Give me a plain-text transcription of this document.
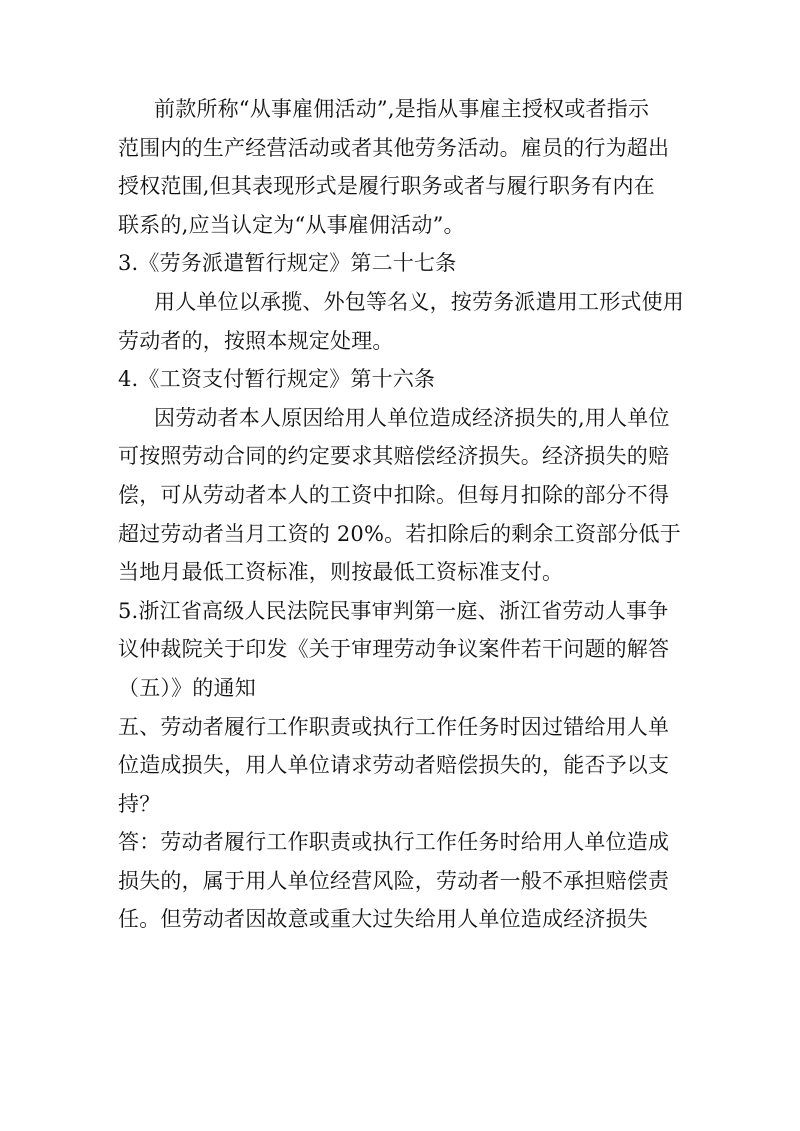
前款所称“从事雇佣活动”,是指从事雇主授权或者指示
范围内的生产经营活动或者其他劳务活动。雇员的行为超出
授权范围,但其表现形式是履行职务或者与履行职务有内在
联系的,应当认定为“从事雇佣活动”。
3.《劳务派遣暂行规定》第二十七条
用人单位以承揽、外包等名义，按劳务派遣用工形式使用
劳动者的，按照本规定处理。
4.《工资支付暂行规定》第十六条
因劳动者本人原因给用人单位造成经济损失的,用人单位
可按照劳动合同的约定要求其赔偿经济损失。经济损失的赔
偿，可从劳动者本人的工资中扣除。但每月扣除的部分不得
超过劳动者当月工资的 20%。若扣除后的剩余工资部分低于
当地月最低工资标准，则按最低工资标准支付。
5.浙江省高级人民法院民事审判第一庭、浙江省劳动人事争
议仲裁院关于印发《关于审理劳动争议案件若干问题的解答
（五）》的通知
五、劳动者履行工作职责或执行工作任务时因过错给用人单
位造成损失，用人单位请求劳动者赔偿损失的，能否予以支
持？
答：劳动者履行工作职责或执行工作任务时给用人单位造成
损失的，属于用人单位经营风险，劳动者一般不承担赔偿责
任。但劳动者因故意或重大过失给用人单位造成经济损失
